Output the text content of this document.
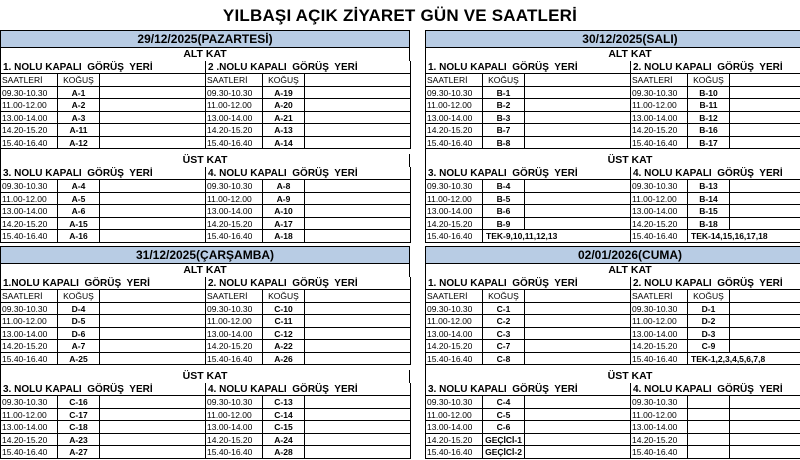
YILBAŞI AÇIK ZİYARET GÜN VE SAATLERİ
29/12/2025(PAZARTESİ)
ALT KAT
1. NOLU KAPALI  GÖRÜŞ  YERİ
SAATLERİ	KOĞUŞ
09.30-10.30	A-1
11.00-12.00	A-2
13.00-14.00	A-3
14.20-15.20	A-11
15.40-16.40	A-12
2 .NOLU KAPALI  GÖRÜŞ  YERİ
SAATLERİ	KOĞUŞ
09.30-10.30	A-19
11.00-12.00	A-20
13.00-14.00	A-21
14.20-15.20	A-13
15.40-16.40	A-14
ÜST KAT
3. NOLU KAPALI  GÖRÜŞ  YERİ
09.30-10.30	A-4
11.00-12.00	A-5
13.00-14.00	A-6
14.20-15.20	A-15
15.40-16.40	A-16
4. NOLU KAPALI  GÖRÜŞ  YERİ
09.30-10.30	A-8
11.00-12.00	A-9
13.00-14.00	A-10
14.20-15.20	A-17
15.40-16.40	A-18
30/12/2025(SALI)
ALT KAT
1. NOLU KAPALI  GÖRÜŞ  YERİ
SAATLERİ	KOĞUŞ
09.30-10.30	B-1
11.00-12.00	B-2
13.00-14.00	B-3
14.20-15.20	B-7
15.40-16.40	B-8
2. NOLU KAPALI  GÖRÜŞ  YERİ
SAATLERİ	KOĞUŞ
09.30-10.30	B-10
11.00-12.00	B-11
13.00-14.00	B-12
14.20-15.20	B-16
15.40-16.40	B-17
ÜST KAT
3. NOLU KAPALI  GÖRÜŞ  YERİ
09.30-10.30	B-4
11.00-12.00	B-5
13.00-14.00	B-6
14.20-15.20	B-9
15.40-16.40	TEK-9,10,11,12,13
4. NOLU KAPALI  GÖRÜŞ  YERİ
09.30-10.30	B-13
11.00-12.00	B-14
13.00-14.00	B-15
14.20-15.20	B-18
15.40-16.40	TEK-14,15,16,17,18
31/12/2025(ÇARŞAMBA)
ALT KAT
1.NOLU KAPALI  GÖRÜŞ  YERİ
SAATLERİ	KOĞUŞ
09.30-10.30	D-4
11.00-12.00	D-5
13.00-14.00	D-6
14.20-15.20	A-7
15.40-16.40	A-25
2. NOLU KAPALI  GÖRÜŞ  YERİ
SAATLERİ	KOĞUŞ
09.30-10.30	C-10
11.00-12.00	C-11
13.00-14.00	C-12
14.20-15.20	A-22
15.40-16.40	A-26
ÜST KAT
3. NOLU KAPALI  GÖRÜŞ  YERİ
09.30-10.30	C-16
11.00-12.00	C-17
13.00-14.00	C-18
14.20-15.20	A-23
15.40-16.40	A-27
4. NOLU KAPALI  GÖRÜŞ  YERİ
09.30-10.30	C-13
11.00-12.00	C-14
13.00-14.00	C-15
14.20-15.20	A-24
15.40-16.40	A-28
02/01/2026(CUMA)
ALT KAT
1. NOLU KAPALI  GÖRÜŞ  YERİ
SAATLERİ	KOĞUŞ
09.30-10.30	C-1
11.00-12.00	C-2
13.00-14.00	C-3
14.20-15.20	C-7
15.40-16.40	C-8
2. NOLU KAPALI  GÖRÜŞ  YERİ
SAATLERİ	KOĞUŞ
09.30-10.30	D-1
11.00-12.00	D-2
13.00-14.00	D-3
14.20-15.20	C-9
15.40-16.40	TEK-1,2,3,4,5,6,7,8
ÜST KAT
3. NOLU KAPALI  GÖRÜŞ  YERİ
09.30-10.30	C-4
11.00-12.00	C-5
13.00-14.00	C-6
14.20-15.20	GEÇİCİ-1
15.40-16.40	GEÇİCİ-2
4. NOLU KAPALI  GÖRÜŞ  YERİ
09.30-10.30
11.00-12.00
13.00-14.00
14.20-15.20
15.40-16.40
